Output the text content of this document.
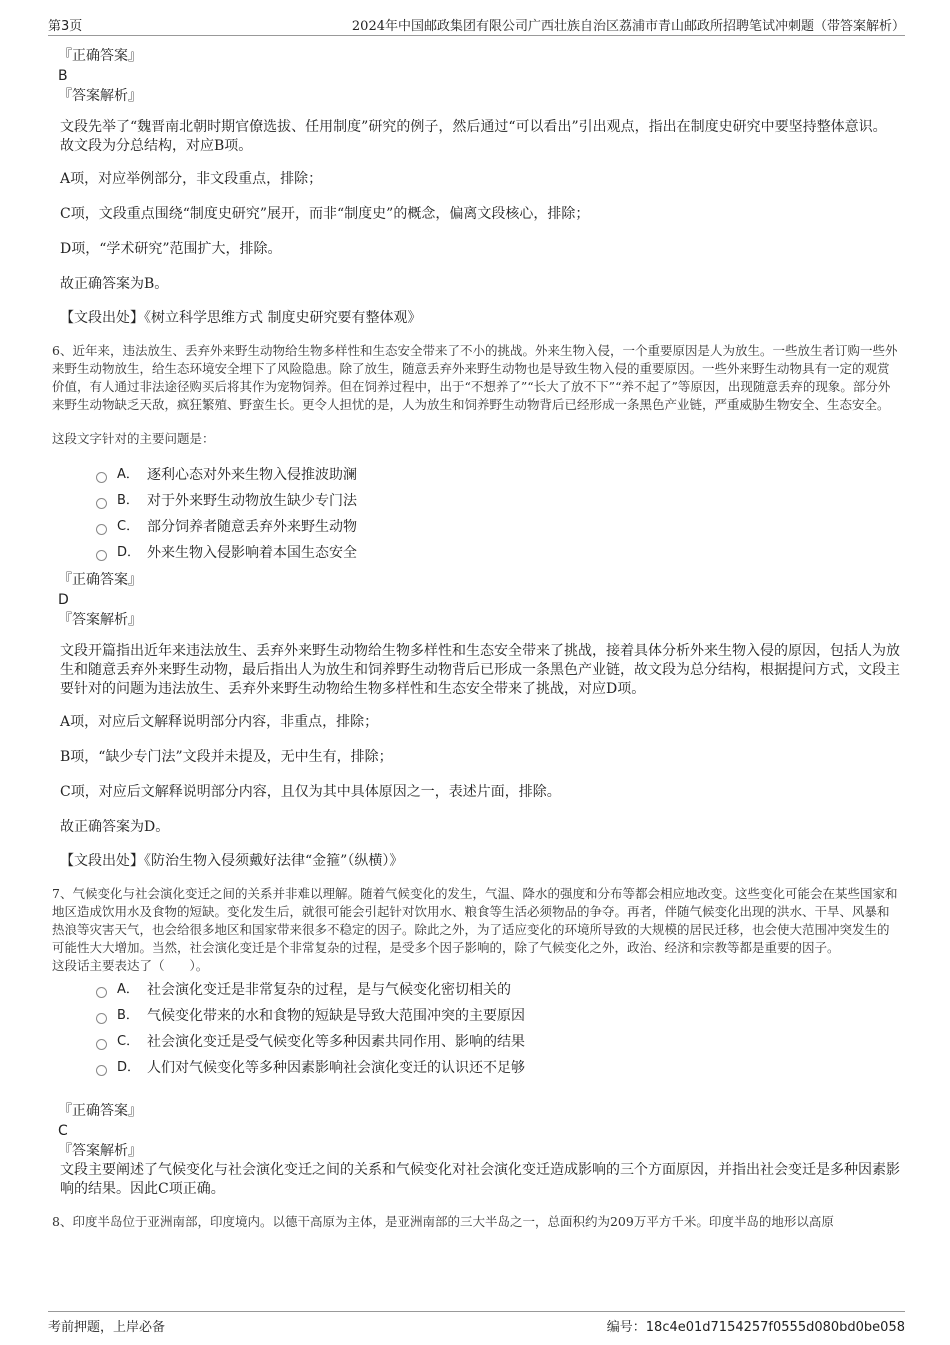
第3页	2024年中国邮政集团有限公司广西壮族自治区荔浦市青山邮政所招聘笔试冲刺题（带答案解析）
『正确答案』
B
『答案解析』
文段先举了“魏晋南北朝时期官僚选拔、任用制度”研究的例子，然后通过“可以看出”引出观点，指出在制度史研究中要坚持整体意识。故文段为分总结构，对应B项。
A项，对应举例部分，非文段重点，排除；
C项，文段重点围绕“制度史研究”展开，而非“制度史”的概念，偏离文段核心，排除；
D项，“学术研究”范围扩大，排除。
故正确答案为B。
【文段出处】《树立科学思维方式 制度史研究要有整体观》
6、近年来，违法放生、丢弃外来野生动物给生物多样性和生态安全带来了不小的挑战。外来生物入侵，一个重要原因是人为放生。一些放生者订购一些外来野生动物放生，给生态环境安全埋下了风险隐患。除了放生，随意丢弃外来野生动物也是导致生物入侵的重要原因。一些外来野生动物具有一定的观赏价值，有人通过非法途径购买后将其作为宠物饲养。但在饲养过程中，出于“不想养了”“长大了放不下”“养不起了”等原因，出现随意丢弃的现象。部分外来野生动物缺乏天敌，疯狂繁殖、野蛮生长。更令人担忧的是，人为放生和饲养野生动物背后已经形成一条黑色产业链，严重威胁生物安全、生态安全。
这段文字针对的主要问题是：
A． 逐利心态对外来生物入侵推波助澜
B． 对于外来野生动物放生缺少专门法
C． 部分饲养者随意丢弃外来野生动物
D． 外来生物入侵影响着本国生态安全
『正确答案』
D
『答案解析』
文段开篇指出近年来违法放生、丢弃外来野生动物给生物多样性和生态安全带来了挑战，接着具体分析外来生物入侵的原因，包括人为放生和随意丢弃外来野生动物，最后指出人为放生和饲养野生动物背后已形成一条黑色产业链，故文段为总分结构，根据提问方式，文段主要针对的问题为违法放生、丢弃外来野生动物给生物多样性和生态安全带来了挑战，对应D项。
A项，对应后文解释说明部分内容，非重点，排除；
B项，“缺少专门法”文段并未提及，无中生有，排除；
C项，对应后文解释说明部分内容，且仅为其中具体原因之一，表述片面，排除。
故正确答案为D。
【文段出处】《防治生物入侵须戴好法律“金箍”（纵横）》
7、气候变化与社会演化变迁之间的关系并非难以理解。随着气候变化的发生，气温、降水的强度和分布等都会相应地改变。这些变化可能会在某些国家和地区造成饮用水及食物的短缺。变化发生后，就很可能会引起针对饮用水、粮食等生活必须物品的争夺。再者，伴随气候变化出现的洪水、干旱、风暴和热浪等灾害天气，也会给很多地区和国家带来很多不稳定的因子。除此之外，为了适应变化的环境所导致的大规模的居民迁移，也会使大范围冲突发生的可能性大大增加。当然，社会演化变迁是个非常复杂的过程，是受多个因子影响的，除了气候变化之外，政治、经济和宗教等都是重要的因子。
这段话主要表达了（　　）。
A． 社会演化变迁是非常复杂的过程，是与气候变化密切相关的
B． 气候变化带来的水和食物的短缺是导致大范围冲突的主要原因
C． 社会演化变迁是受气候变化等多种因素共同作用、影响的结果
D． 人们对气候变化等多种因素影响社会演化变迁的认识还不足够
『正确答案』
C
『答案解析』
文段主要阐述了气候变化与社会演化变迁之间的关系和气候变化对社会演化变迁造成影响的三个方面原因，并指出社会变迁是多种因素影响的结果。因此C项正确。
8、印度半岛位于亚洲南部，印度境内。以德干高原为主体，是亚洲南部的三大半岛之一，总面积约为209万平方千米。印度半岛的地形以高原
考前押题，上岸必备	编号：18c4e01d7154257f0555d080bd0be058
